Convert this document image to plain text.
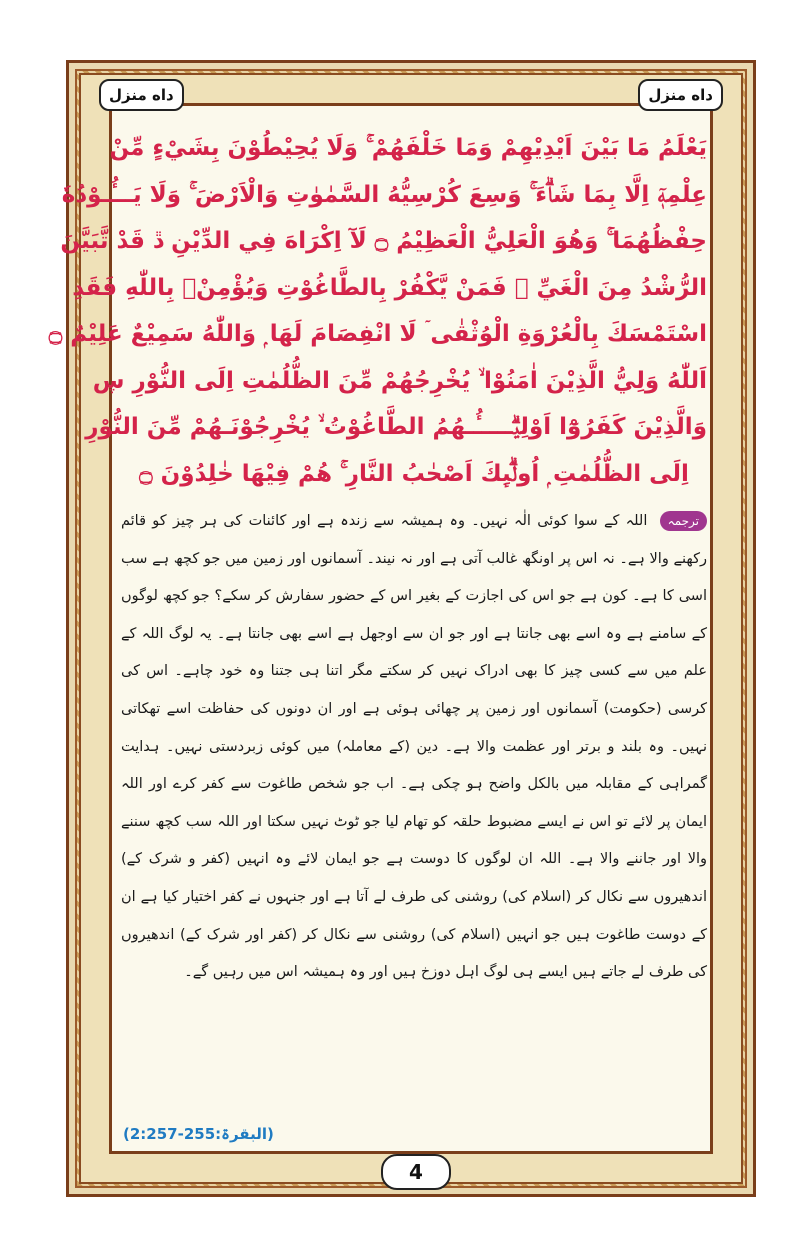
داه منزل	داه منزل
يَعْلَمُ مَا بَيْنَ اَيْدِيْهِمْ وَمَا خَلْفَهُمْ ۚ وَلَا يُحِيْطُوْنَ بِشَيْءٍ مِّنْ
عِلْمِهٖٓ اِلَّا بِمَا شَاۗءَ ۚ وَسِعَ كُرْسِيُّهُ السَّمٰوٰتِ وَالْاَرْضَ ۚ وَلَا يَـــُٔـوْدُهٗ
حِفْظُهُمَا ۚ وَھُوَ الْعَلِيُّ الْعَظِيْمُ ۝ لَآ اِكْرَاهَ فِي الدِّيْنِ ڐ قَدْ تَّبَيَّنَ
الرُّشْدُ مِنَ الْغَيِّ ۚ فَمَنْ يَّكْفُرْ بِالطَّاغُوْتِ وَيُؤْمِنْۢ بِاللّٰهِ فَقَدِ
اسْتَمْسَكَ بِالْعُرْوَةِ الْوُثْقٰى ۤ لَا انْفِصَامَ لَهَا ۭ وَاللّٰهُ سَمِيْعٌ عَلِيْمٌ ۝
اَللّٰهُ وَلِيُّ الَّذِيْنَ اٰمَنُوْا ۙ يُخْرِجُهُمْ مِّنَ الظُّلُمٰتِ اِلَى النُّوْرِ ڛ
وَالَّذِيْنَ كَفَرُوْٓا اَوْلِيٰۗـــــُٔـھُمُ الطَّاغُوْتُ ۙ يُخْرِجُوْنَـھُمْ مِّنَ النُّوْرِ
اِلَى الظُّلُمٰتِ ۭ اُولٰۗىِٕكَ اَصْحٰبُ النَّارِ ۚ ھُمْ فِيْهَا خٰلِدُوْنَ ۝
ترجمہ اللہ کے سوا کوئی الٰہ نہیں۔ وہ ہمیشہ سے زندہ ہے اور کائنات کی ہر چیز کو قائم رکھنے والا ہے۔ نہ اس پر اونگھ غالب آتی ہے اور نہ نیند۔ آسمانوں اور زمین میں جو کچھ ہے سب اسی کا ہے۔ کون ہے جو اس کی اجازت کے بغیر اس کے حضور سفارش کر سکے؟ جو کچھ لوگوں کے سامنے ہے وہ اسے بھی جانتا ہے اور جو ان سے اوجھل ہے اسے بھی جانتا ہے۔ یہ لوگ اللہ کے علم میں سے کسی چیز کا بھی ادراک نہیں کر سکتے مگر اتنا ہی جتنا وہ خود چاہے۔ اس کی کرسی (حکومت) آسمانوں اور زمین پر چھائی ہوئی ہے اور ان دونوں کی حفاظت اسے تھکاتی نہیں۔ وہ بلند و برتر اور عظمت والا ہے۔ دین (کے معاملہ) میں کوئی زبردستی نہیں۔ ہدایت گمراہی کے مقابلہ میں بالکل واضح ہو چکی ہے۔ اب جو شخص طاغوت سے کفر کرے اور اللہ ایمان پر لائے تو اس نے ایسے مضبوط حلقہ کو تھام لیا جو ٹوٹ نہیں سکتا اور اللہ سب کچھ سننے والا اور جاننے والا ہے۔ اللہ ان لوگوں کا دوست ہے جو ایمان لائے وہ انہیں (کفر و شرک کے) اندھیروں سے نکال کر (اسلام کی) روشنی کی طرف لے آتا ہے اور جنہوں نے کفر اختیار کیا ہے ان کے دوست طاغوت ہیں جو انہیں (اسلام کی) روشنی سے نکال کر (کفر اور شرک کے) اندھیروں کی طرف لے جاتے ہیں ایسے ہی لوگ اہل دوزخ ہیں اور وہ ہمیشہ اس میں رہیں گے۔
(2:البقرۃ:255-257)
4
